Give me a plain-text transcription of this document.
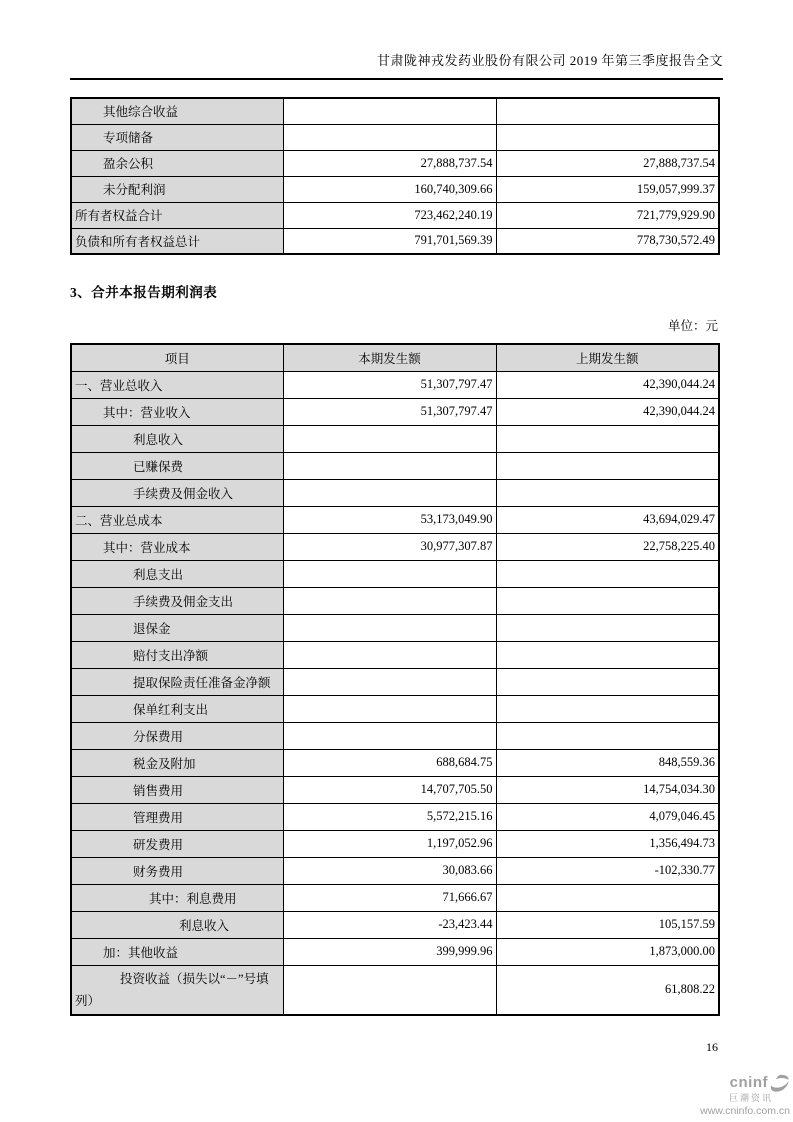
甘肃陇神戎发药业股份有限公司 2019 年第三季度报告全文
其他综合收益		
专项储备		
盈余公积	27,888,737.54	27,888,737.54
未分配利润	160,740,309.66	159,057,999.37
所有者权益合计	723,462,240.19	721,779,929.90
负债和所有者权益总计	791,701,569.39	778,730,572.49
3、合并本报告期利润表
单位：元
项目	本期发生额	上期发生额
一、营业总收入	51,307,797.47	42,390,044.24
其中：营业收入	51,307,797.47	42,390,044.24
利息收入		
已赚保费		
手续费及佣金收入		
二、营业总成本	53,173,049.90	43,694,029.47
其中：营业成本	30,977,307.87	22,758,225.40
利息支出		
手续费及佣金支出		
退保金		
赔付支出净额		
提取保险责任准备金净额		
保单红利支出		
分保费用		
税金及附加	688,684.75	848,559.36
销售费用	14,707,705.50	14,754,034.30
管理费用	5,572,215.16	4,079,046.45
研发费用	1,197,052.96	1,356,494.73
财务费用	30,083.66	-102,330.77
其中：利息费用	71,666.67	
利息收入	-23,423.44	105,157.59
加：其他收益	399,999.96	1,873,000.00
投资收益（损失以“－”号填列）		61,808.22
16
cninf
巨潮资讯
www.cninfo.com.cn
